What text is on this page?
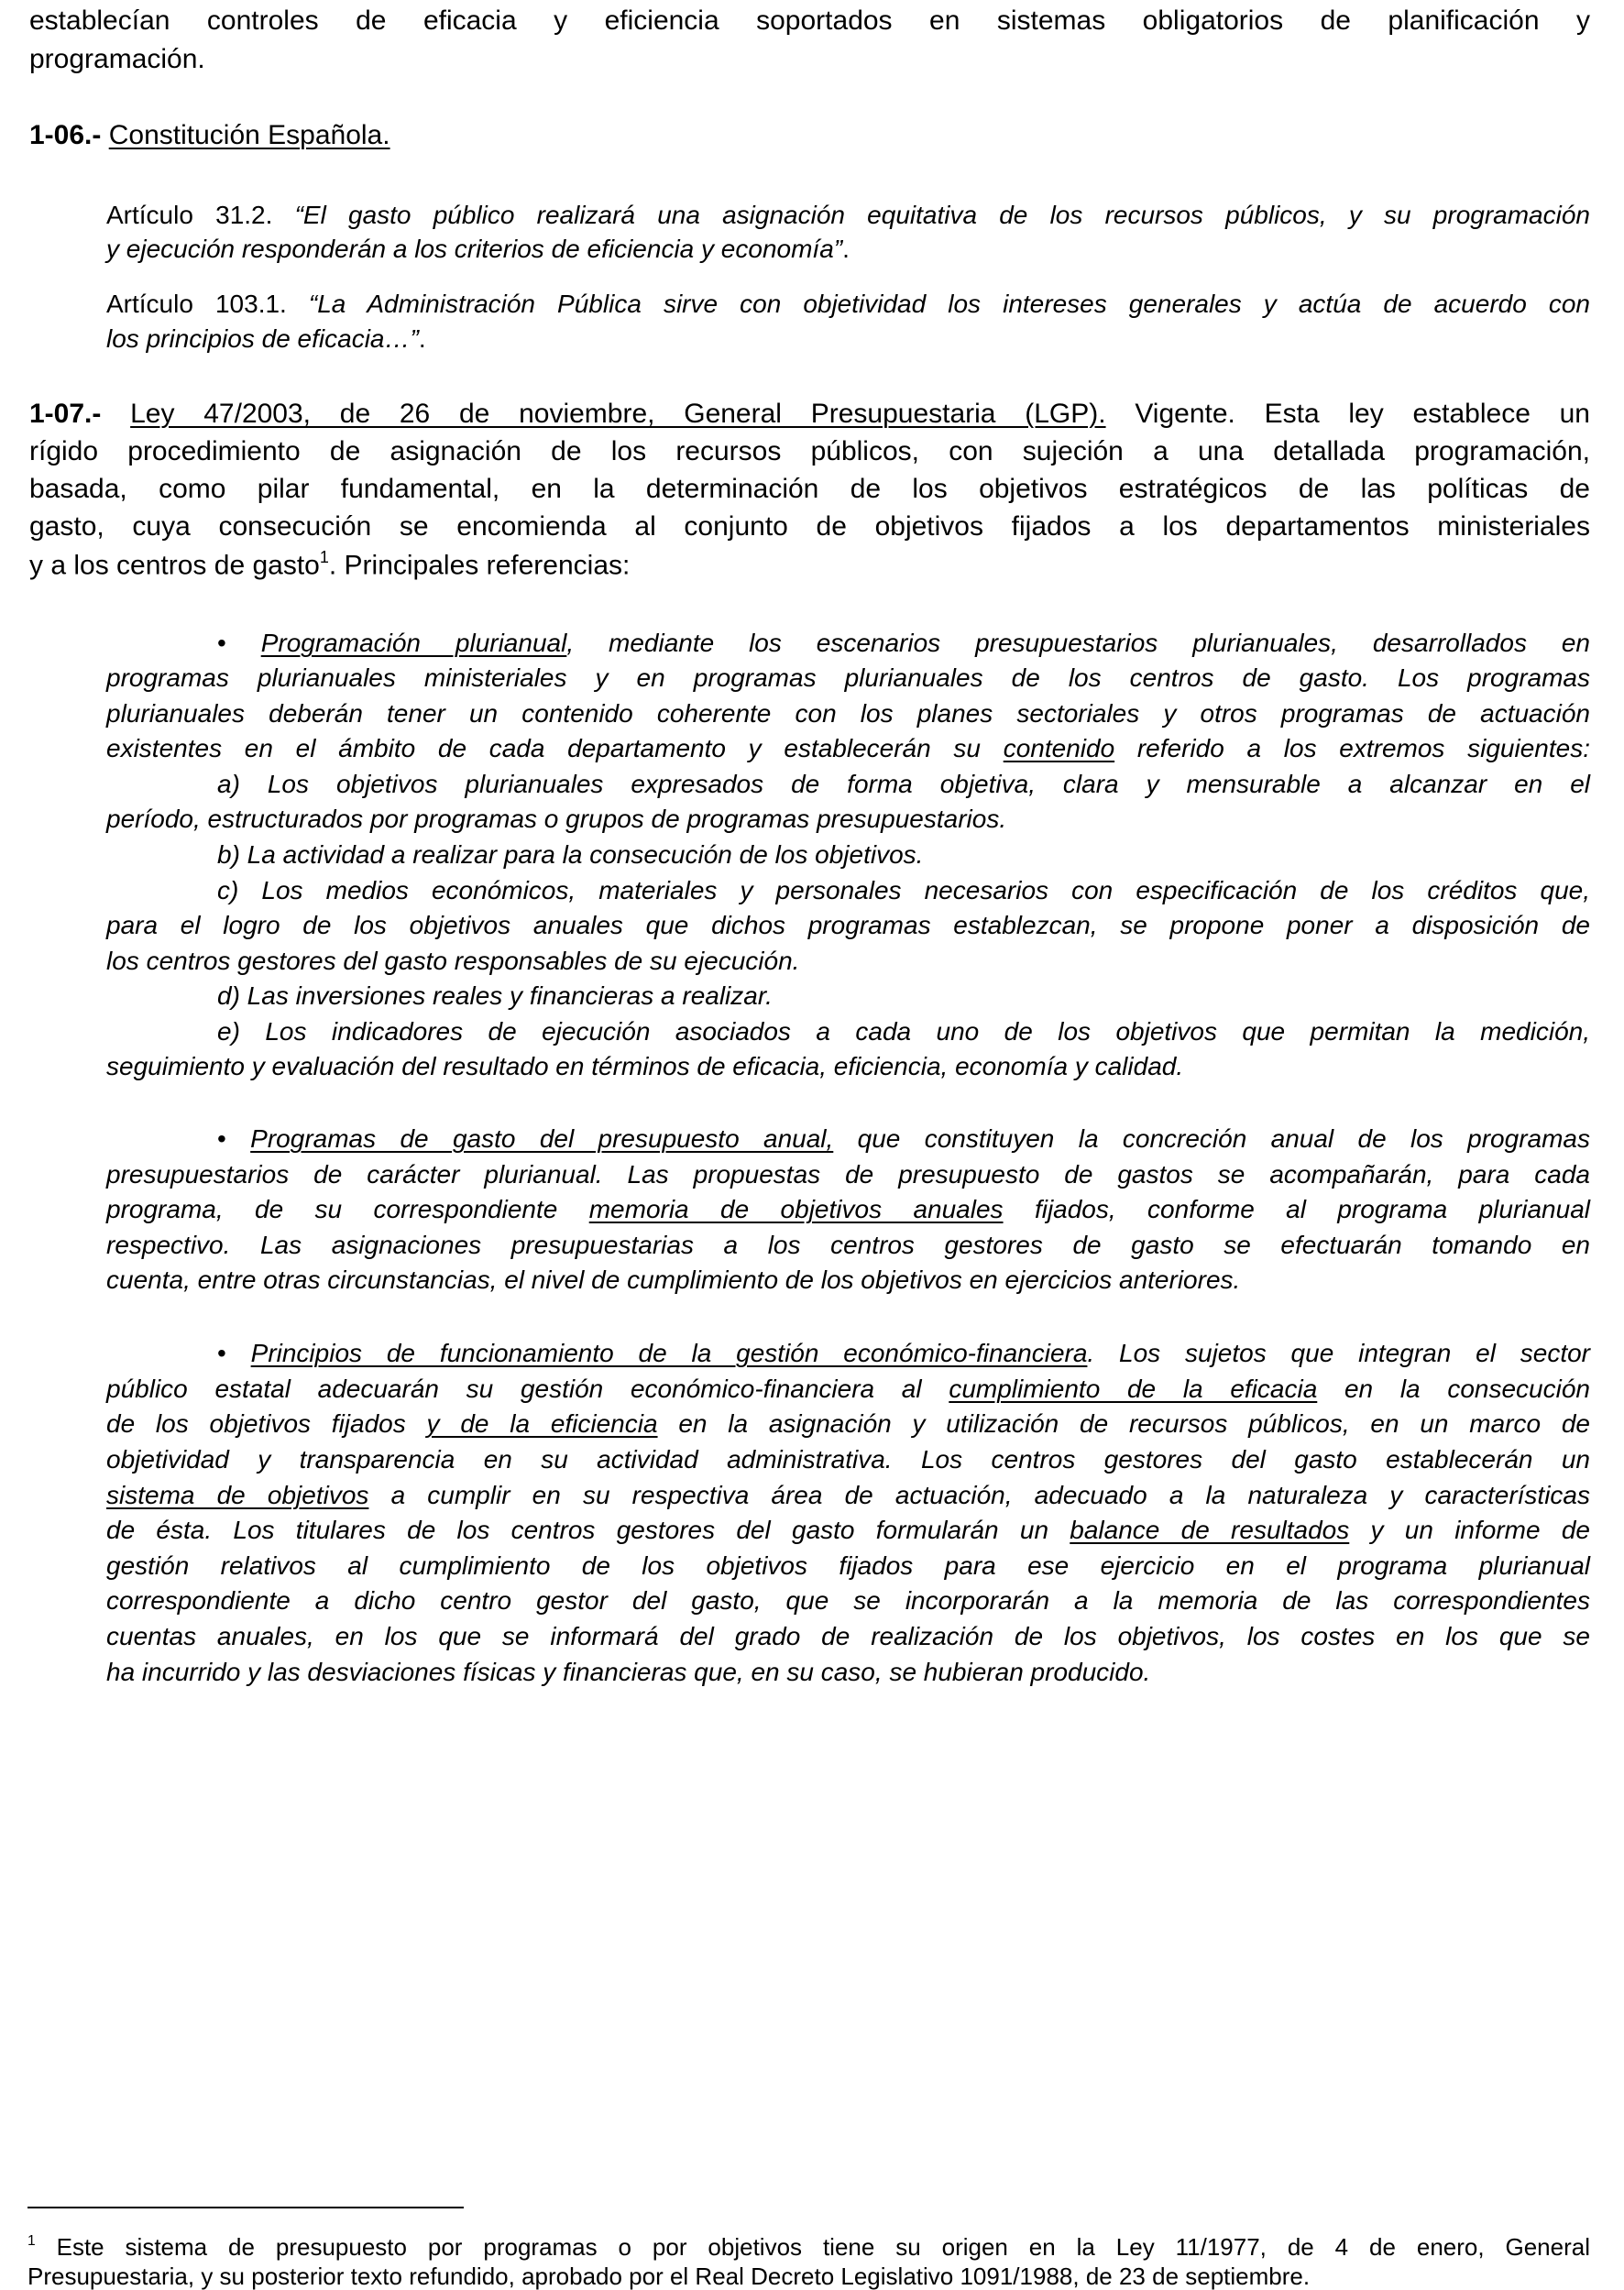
establecían controles de eficacia y eficiencia soportados en sistemas obligatorios de planificación y
programación.
1-06.- Constitución Española.
Artículo 31.2. “El gasto público realizará una asignación equitativa de los recursos públicos, y su programación
y ejecución responderán a los criterios de eficiencia y economía”.
Artículo 103.1. “La Administración Pública sirve con objetividad los intereses generales y actúa de acuerdo con
los principios de eficacia…”.
1-07.- Ley 47/2003, de 26 de noviembre, General Presupuestaria (LGP). Vigente. Esta ley establece un
rígido procedimiento de asignación de los recursos públicos, con sujeción a una detallada programación,
basada, como pilar fundamental, en la determinación de los objetivos estratégicos de las políticas de
gasto, cuya consecución se encomienda al conjunto de objetivos fijados a los departamentos ministeriales
y a los centros de gasto$^1$. Principales referencias:
• Programación plurianual, mediante los escenarios presupuestarios plurianuales, desarrollados en
programas plurianuales ministeriales y en programas plurianuales de los centros de gasto. Los programas
plurianuales deberán tener un contenido coherente con los planes sectoriales y otros programas de actuación
existentes en el ámbito de cada departamento y establecerán su contenido referido a los extremos siguientes:
a) Los objetivos plurianuales expresados de forma objetiva, clara y mensurable a alcanzar en el
período, estructurados por programas o grupos de programas presupuestarios.
b) La actividad a realizar para la consecución de los objetivos.
c) Los medios económicos, materiales y personales necesarios con especificación de los créditos que,
para el logro de los objetivos anuales que dichos programas establezcan, se propone poner a disposición de
los centros gestores del gasto responsables de su ejecución.
d) Las inversiones reales y financieras a realizar.
e) Los indicadores de ejecución asociados a cada uno de los objetivos que permitan la medición,
seguimiento y evaluación del resultado en términos de eficacia, eficiencia, economía y calidad.
• Programas de gasto del presupuesto anual, que constituyen la concreción anual de los programas
presupuestarios de carácter plurianual. Las propuestas de presupuesto de gastos se acompañarán, para cada
programa, de su correspondiente memoria de objetivos anuales fijados, conforme al programa plurianual
respectivo. Las asignaciones presupuestarias a los centros gestores de gasto se efectuarán tomando en
cuenta, entre otras circunstancias, el nivel de cumplimiento de los objetivos en ejercicios anteriores.
• Principios de funcionamiento de la gestión económico-financiera. Los sujetos que integran el sector
público estatal adecuarán su gestión económico-financiera al cumplimiento de la eficacia en la consecución
de los objetivos fijados y de la eficiencia en la asignación y utilización de recursos públicos, en un marco de
objetividad y transparencia en su actividad administrativa. Los centros gestores del gasto establecerán un
sistema de objetivos a cumplir en su respectiva área de actuación, adecuado a la naturaleza y características
de ésta. Los titulares de los centros gestores del gasto formularán un balance de resultados y un informe de
gestión relativos al cumplimiento de los objetivos fijados para ese ejercicio en el programa plurianual
correspondiente a dicho centro gestor del gasto, que se incorporarán a la memoria de las correspondientes
cuentas anuales, en los que se informará del grado de realización de los objetivos, los costes en los que se
ha incurrido y las desviaciones físicas y financieras que, en su caso, se hubieran producido.
$^1$ Este sistema de presupuesto por programas o por objetivos tiene su origen en la Ley 11/1977, de 4 de enero, General
Presupuestaria, y su posterior texto refundido, aprobado por el Real Decreto Legislativo 1091/1988, de 23 de septiembre.
